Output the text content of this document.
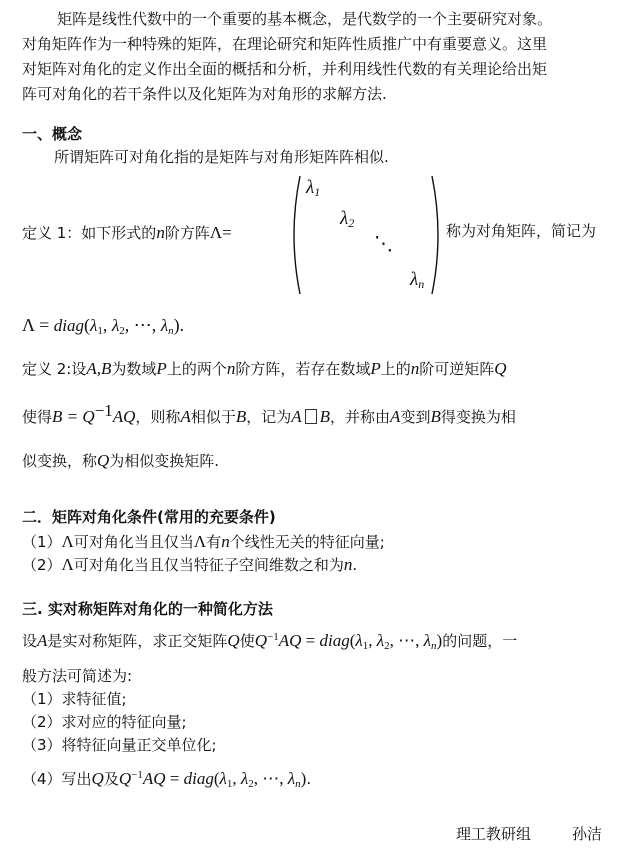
矩阵是线性代数中的一个重要的基本概念，是代数学的一个主要研究对象。
对角矩阵作为一种特殊的矩阵，在理论研究和矩阵性质推广中有重要意义。这里
对矩阵对角化的定义作出全面的概括和分析，并利用线性代数的有关理论给出矩
阵可对角化的若干条件以及化矩阵为对角形的求解方法.
一、概念
所谓矩阵可对角化指的是矩阵与对角形矩阵阵相似.
定义 1：如下形式的n阶方阵Λ=
$\lambda_1$
$\lambda_2$
⋱
$\lambda_n$
称为对角矩阵，简记为
$\Lambda = diag(\lambda_1$, $\lambda_2$, ⋯, $\lambda_n$).
定义 2:设A,B为数域P上的两个n阶方阵，若存在数域P上的n阶可逆矩阵Q
使得$B = Q^{-1}AQ$，则称A相似于B，记为A B，并称由A变到B得变换为相
似变换，称Q为相似变换矩阵.
二．矩阵对角化条件(常用的充要条件)
（1）Λ可对角化当且仅当Λ有n个线性无关的特征向量;
（2）Λ可对角化当且仅当特征子空间维数之和为n.
三. 实对称矩阵对角化的一种简化方法
设A是实对称矩阵，求正交矩阵Q使$Q^{-1}AQ$ = $diag(\lambda_1$, $\lambda_2$, ⋯, $\lambda_n$)的问题，一
般方法可简述为:
（1）求特征值;
（2）求对应的特征向量;
（3）将特征向量正交单位化;
（4）写出Q及$Q^{-1}AQ$ = $diag(\lambda_1$, $\lambda_2$, ⋯, $\lambda_n$).
理工教研组	孙洁
